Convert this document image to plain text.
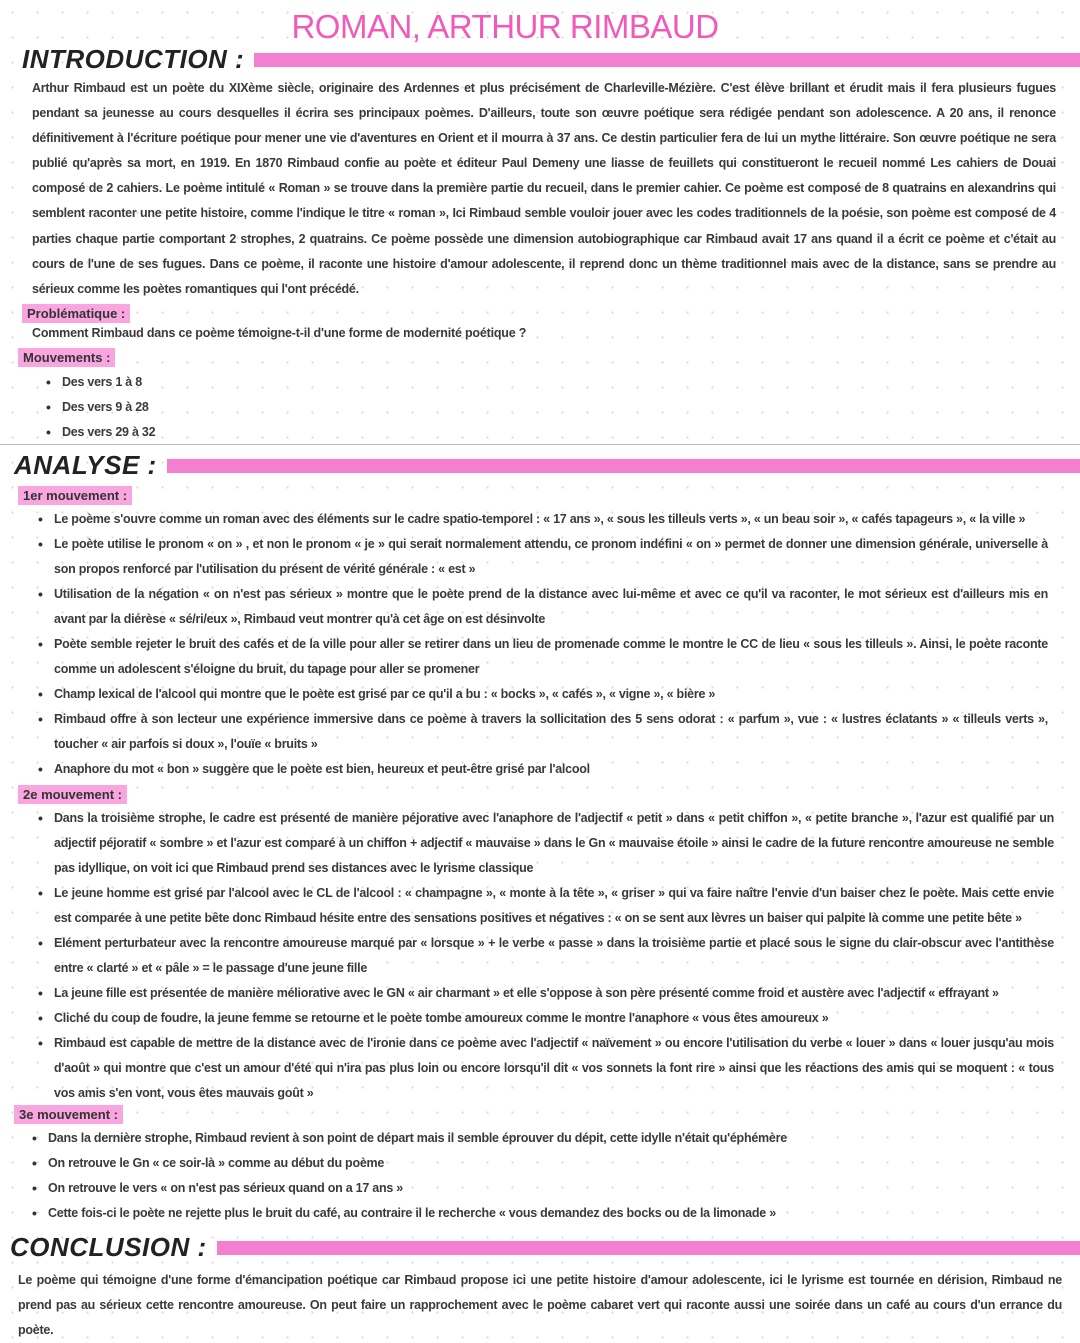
ROMAN, ARTHUR RIMBAUD
INTRODUCTION :
Arthur Rimbaud est un poète du XIXème siècle, originaire des Ardennes et plus précisément de Charleville-Mézière. C'est élève brillant et érudit mais il fera plusieurs fugues pendant sa jeunesse au cours desquelles il écrira ses principaux poèmes. D'ailleurs, toute son œuvre poétique sera rédigée pendant son adolescence. A 20 ans, il renonce définitivement à l'écriture poétique pour mener une vie d'aventures en Orient et il mourra à 37 ans. Ce destin particulier fera de lui un mythe littéraire. Son œuvre poétique ne sera publié qu'après sa mort, en 1919. En 1870 Rimbaud confie au poète et éditeur Paul Demeny une liasse de feuillets qui constitueront le recueil nommé Les cahiers de Douai composé de 2 cahiers. Le poème intitulé « Roman » se trouve dans la première partie du recueil, dans le premier cahier. Ce poème est composé de 8 quatrains en alexandrins qui semblent raconter une petite histoire, comme l'indique le titre « roman », Ici Rimbaud semble vouloir jouer avec les codes traditionnels de la poésie, son poème est composé de 4 parties chaque partie comportant 2 strophes, 2 quatrains. Ce poème possède une dimension autobiographique car Rimbaud avait 17 ans quand il a écrit ce poème et c'était au cours de l'une de ses fugues. Dans ce poème, il raconte une histoire d'amour adolescente, il reprend donc un thème traditionnel mais avec de la distance, sans se prendre au sérieux comme les poètes romantiques qui l'ont précédé.
Problématique :
Comment Rimbaud dans ce poème témoigne-t-il d'une forme de modernité poétique ?
Mouvements :
• Des vers 1 à 8
• Des vers 9 à 28
• Des vers 29 à 32
ANALYSE :
1er mouvement :
• Le poème s'ouvre comme un roman avec des éléments sur le cadre spatio-temporel : « 17 ans », « sous les tilleuls verts », « un beau soir », « cafés tapageurs », « la ville »
• Le poète utilise le pronom « on » , et non le pronom « je » qui serait normalement attendu, ce pronom indéfini « on » permet de donner une dimension générale, universelle à son propos renforcé par l'utilisation du présent de vérité générale : « est »
• Utilisation de la négation « on n'est pas sérieux » montre que le poète prend de la distance avec lui-même et avec ce qu'il va raconter, le mot sérieux est d'ailleurs mis en avant par la diérèse « sé/ri/eux », Rimbaud veut montrer qu'à cet âge on est désinvolte
• Poète semble rejeter le bruit des cafés et de la ville pour aller se retirer dans un lieu de promenade comme le montre le CC de lieu « sous les tilleuls ». Ainsi, le poète raconte comme un adolescent s'éloigne du bruit, du tapage pour aller se promener
• Champ lexical de l'alcool qui montre que le poète est grisé par ce qu'il a bu : « bocks », « cafés », « vigne », « bière »
• Rimbaud offre à son lecteur une expérience immersive dans ce poème à travers la sollicitation des 5 sens odorat : « parfum », vue : « lustres éclatants » « tilleuls verts », toucher « air parfois si doux », l'ouïe « bruits »
• Anaphore du mot « bon » suggère que le poète est bien, heureux et peut-être grisé par l'alcool
2e mouvement :
• Dans la troisième strophe, le cadre est présenté de manière péjorative avec l'anaphore de l'adjectif « petit » dans « petit chiffon », « petite branche », l'azur est qualifié par un adjectif péjoratif « sombre » et l'azur est comparé à un chiffon + adjectif « mauvaise » dans le Gn « mauvaise étoile » ainsi le cadre de la future rencontre amoureuse ne semble pas idyllique, on voit ici que Rimbaud prend ses distances avec le lyrisme classique
• Le jeune homme est grisé par l'alcool avec le CL de l'alcool : « champagne », « monte à la tête », « griser » qui va faire naître l'envie d'un baiser chez le poète. Mais cette envie est comparée à une petite bête donc Rimbaud hésite entre des sensations positives et négatives : « on se sent aux lèvres un baiser qui palpite là comme une petite bête »
• Elément perturbateur avec la rencontre amoureuse marqué par « lorsque » + le verbe « passe » dans la troisième partie et placé sous le signe du clair-obscur avec l'antithèse entre « clarté » et « pâle » = le passage d'une jeune fille
• La jeune fille est présentée de manière méliorative avec le GN « air charmant » et elle s'oppose à son père présenté comme froid et austère avec l'adjectif « effrayant »
• Cliché du coup de foudre, la jeune femme se retourne et le poète tombe amoureux comme le montre l'anaphore « vous êtes amoureux »
• Rimbaud est capable de mettre de la distance avec de l'ironie dans ce poème avec l'adjectif « naïvement » ou encore l'utilisation du verbe « louer » dans « louer jusqu'au mois d'août » qui montre que c'est un amour d'été qui n'ira pas plus loin ou encore lorsqu'il dit « vos sonnets la font rire » ainsi que les réactions des amis qui se moquent : « tous vos amis s'en vont, vous êtes mauvais goût »
3e mouvement :
• Dans la dernière strophe, Rimbaud revient à son point de départ mais il semble éprouver du dépit, cette idylle n'était qu'éphémère
• On retrouve le Gn « ce soir-là » comme au début du poème
• On retrouve le vers « on n'est pas sérieux quand on a 17 ans »
• Cette fois-ci le poète ne rejette plus le bruit du café, au contraire il le recherche « vous demandez des bocks ou de la limonade »
CONCLUSION :
Le poème qui témoigne d'une forme d'émancipation poétique car Rimbaud propose ici une petite histoire d'amour adolescente, ici le lyrisme est tournée en dérision, Rimbaud ne prend pas au sérieux cette rencontre amoureuse. On peut faire un rapprochement avec le poème cabaret vert qui raconte aussi une soirée dans un café au cours d'un errance du poète.
